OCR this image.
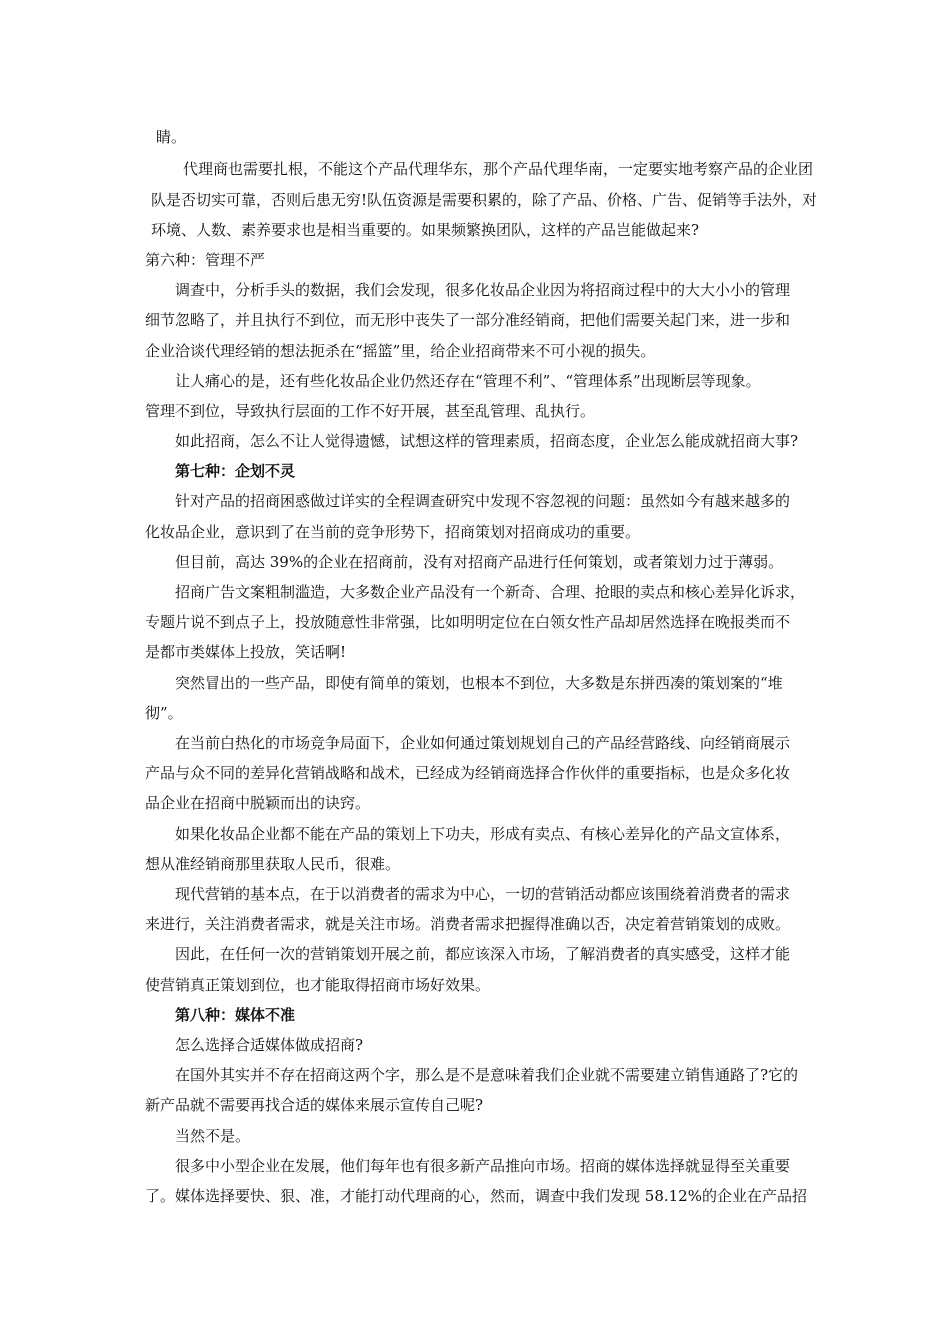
睛。
代理商也需要扎根，不能这个产品代理华东，那个产品代理华南，一定要实地考察产品的企业团
队是否切实可靠，否则后患无穷!队伍资源是需要积累的，除了产品、价格、广告、促销等手法外，对
环境、人数、素养要求也是相当重要的。如果频繁换团队，这样的产品岂能做起来?
第六种：管理不严
调查中，分析手头的数据，我们会发现，很多化妆品企业因为将招商过程中的大大小小的管理
细节忽略了，并且执行不到位，而无形中丧失了一部分准经销商，把他们需要关起门来，进一步和
企业洽谈代理经销的想法扼杀在“摇篮”里，给企业招商带来不可小视的损失。
让人痛心的是，还有些化妆品企业仍然还存在“管理不利”、“管理体系”出现断层等现象。
管理不到位，导致执行层面的工作不好开展，甚至乱管理、乱执行。
如此招商，怎么不让人觉得遗憾，试想这样的管理素质，招商态度，企业怎么能成就招商大事?
第七种：企划不灵
针对产品的招商困惑做过详实的全程调查研究中发现不容忽视的问题：虽然如今有越来越多的
化妆品企业，意识到了在当前的竞争形势下，招商策划对招商成功的重要。
但目前，高达 39%的企业在招商前，没有对招商产品进行任何策划，或者策划力过于薄弱。
招商广告文案粗制滥造，大多数企业产品没有一个新奇、合理、抢眼的卖点和核心差异化诉求，
专题片说不到点子上，投放随意性非常强，比如明明定位在白领女性产品却居然选择在晚报类而不
是都市类媒体上投放，笑话啊!
突然冒出的一些产品，即使有简单的策划，也根本不到位，大多数是东拼西凑的策划案的“堆
彻”。
在当前白热化的市场竞争局面下，企业如何通过策划规划自己的产品经营路线、向经销商展示
产品与众不同的差异化营销战略和战术，已经成为经销商选择合作伙伴的重要指标，也是众多化妆
品企业在招商中脱颖而出的诀窍。
如果化妆品企业都不能在产品的策划上下功夫，形成有卖点、有核心差异化的产品文宣体系，
想从准经销商那里获取人民币，很难。
现代营销的基本点，在于以消费者的需求为中心，一切的营销活动都应该围绕着消费者的需求
来进行，关注消费者需求，就是关注市场。消费者需求把握得准确以否，决定着营销策划的成败。
因此，在任何一次的营销策划开展之前，都应该深入市场，了解消费者的真实感受，这样才能
使营销真正策划到位，也才能取得招商市场好效果。
第八种：媒体不准
怎么选择合适媒体做成招商?
在国外其实并不存在招商这两个字，那么是不是意味着我们企业就不需要建立销售通路了?它的
新产品就不需要再找合适的媒体来展示宣传自己呢?
当然不是。
很多中小型企业在发展，他们每年也有很多新产品推向市场。招商的媒体选择就显得至关重要
了。媒体选择要快、狠、准，才能打动代理商的心，然而，调查中我们发现 58.12%的企业在产品招
